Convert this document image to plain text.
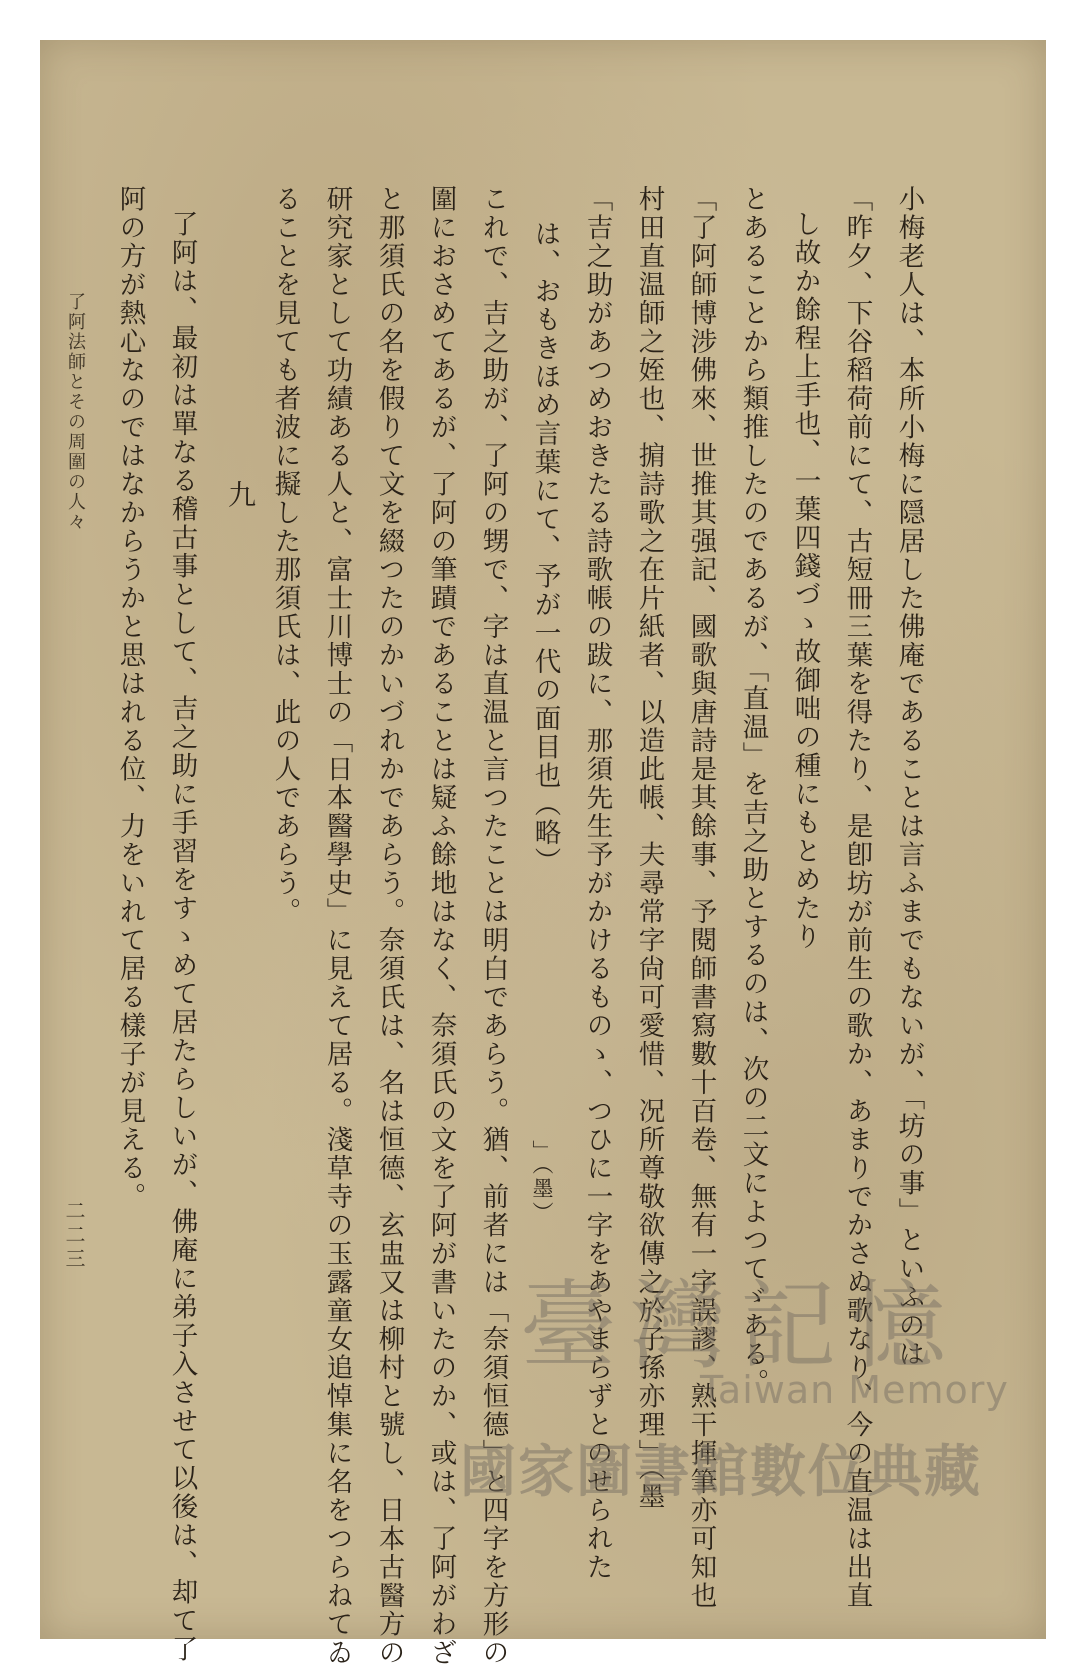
小梅老人は、本所小梅に隠居した佛庵であることは言ふまでもないが、「坊の事」といふのは
「昨夕、下谷稻荷前にて、古短冊三葉を得たり、是卽坊が前生の歌か、あまりでかさぬ歌なり、今の直温は出直
し故か餘程上手也、一葉四錢づゝ故御咄の種にもとめたり
とあることから類推したのであるが、「直温」を吉之助とするのは、次の二文によつてゞある。
「了阿師博涉佛來、世推其强記、國歌與唐詩是其餘事、予閱師書寫數十百卷、無有一字誤謬、熟干揮筆亦可知也
村田直温師之姪也、掮詩歌之在片紙者、以造此帳、夫尋常字尙可愛惜、况所尊敬欲傳之於子孫亦理」（墨
「吉之助があつめおきたる詩歌帳の跋に、那須先生予がかけるものゝ、つひに一字をあやまらずとのせられた
は、おもきほめ言葉にて、予が一代の面目也（略）
」（墨）
これで、吉之助が、了阿の甥で、字は直温と言つたことは明白であらう。猶、前者には「奈須恒德」と四字を方形の
圍におさめてあるが、了阿の筆蹟であることは疑ふ餘地はなく、奈須氏の文を了阿が書いたのか、或は、了阿がわざ
と那須氏の名を假りて文を綴つたのかいづれかであらう。奈須氏は、名は恒德、玄盅又は柳村と號し、日本古醫方の
研究家として功績ある人と、富士川博士の「日本醫學史」に見えて居る。淺草寺の玉露童女追悼集に名をつらねてゐ
ることを見ても者波に擬した那須氏は、此の人であらう。
九
了阿は、最初は單なる稽古事として、吉之助に手習をすゝめて居たらしいが、佛庵に弟子入させて以後は、却て了
阿の方が熱心なのではなからうかと思はれる位、力をいれて居る樣子が見える。
了阿法師とその周圍の人々
二二三
臺灣記憶
Taiwan Memory
國家圖書館數位典藏
